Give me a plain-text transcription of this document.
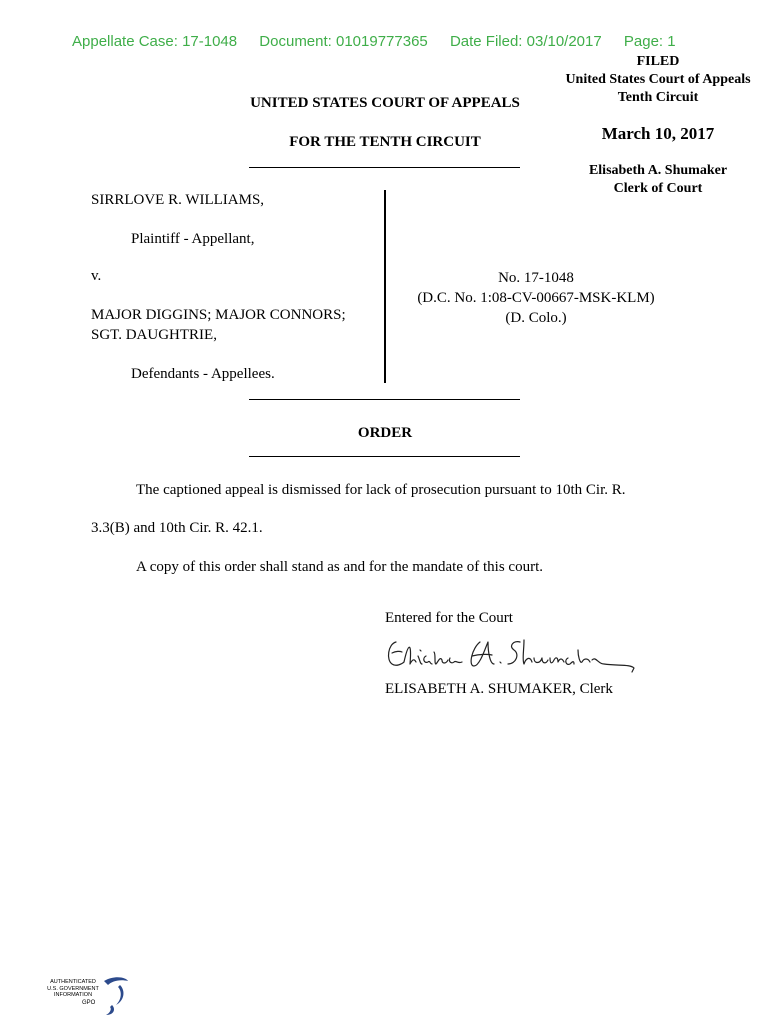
Appellate Case: 17-1048 Document: 01019777365 Date Filed: 03/10/2017 Page: 1
FILED
United States Court of Appeals
Tenth Circuit
March 10, 2017
Elisabeth A. Shumaker
Clerk of Court
UNITED STATES COURT OF APPEALS
FOR THE TENTH CIRCUIT
SIRRLOVE R. WILLIAMS,
Plaintiff - Appellant,
v.
MAJOR DIGGINS; MAJOR CONNORS;
SGT. DAUGHTRIE,
Defendants - Appellees.
No. 17-1048
(D.C. No. 1:08-CV-00667-MSK-KLM)
(D. Colo.)
ORDER
The captioned appeal is dismissed for lack of prosecution pursuant to 10th Cir. R.
3.3(B) and 10th Cir. R. 42.1.
A copy of this order shall stand as and for the mandate of this court.
Entered for the Court
ELISABETH A. SHUMAKER, Clerk
AUTHENTICATED
U.S. GOVERNMENT
INFORMATION
GPO
